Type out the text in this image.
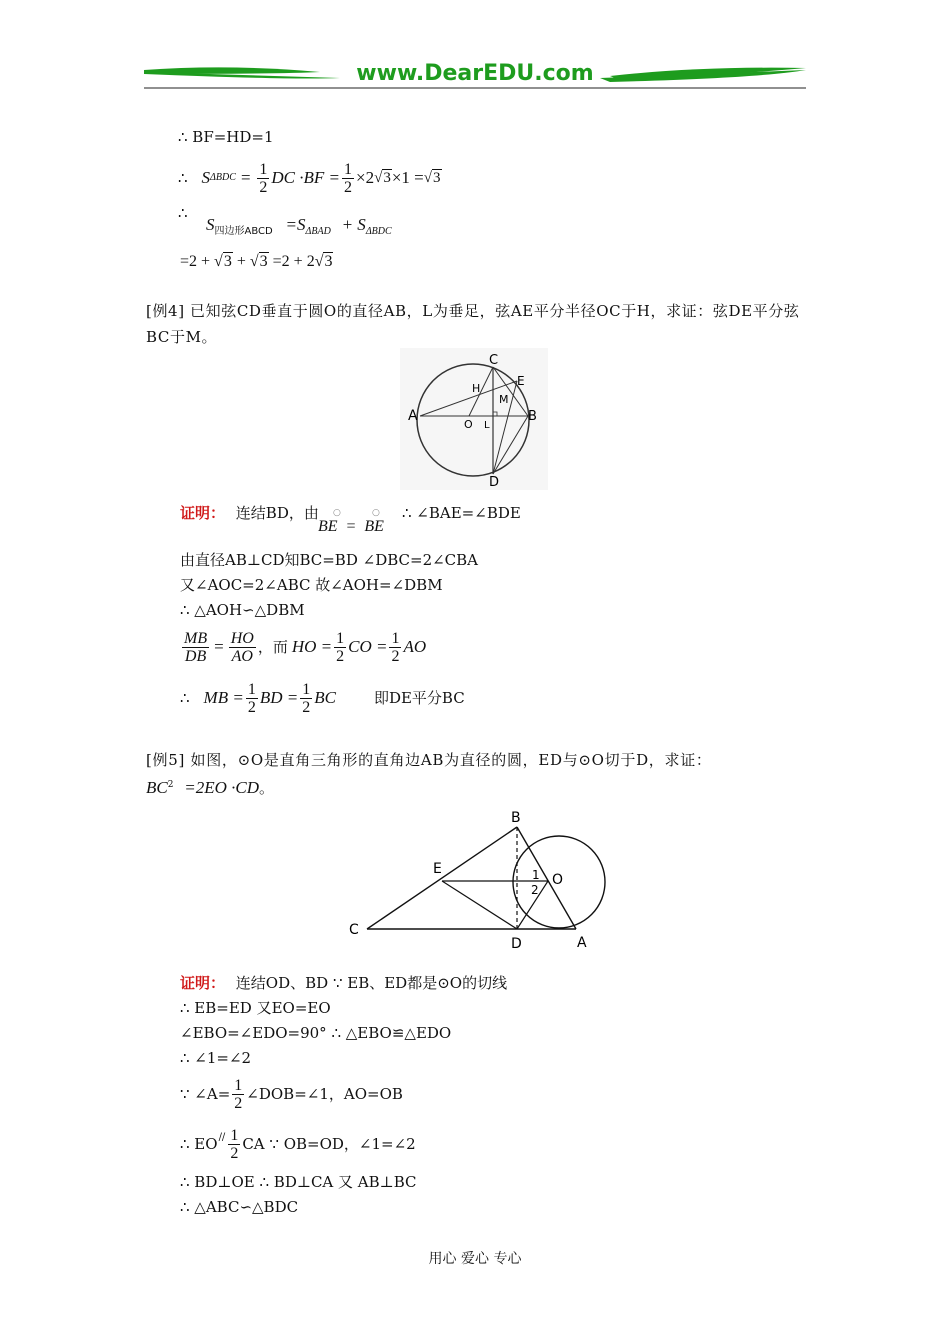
www.DearEDU.com
∴ BF=HD=1
∴ S $\Delta BDC = \frac{1}{2}$ DC $\cdot BF = \frac{1}{2} \times 2$ √3 ×1 = √3
∴
$S_{四边形ABCD} =S_{\Delta BAD} + S_{\Delta BDC}$
=2 + √3 + √3 =2 + 2√3
[例4] 已知弦CD垂直于圆O的直径AB，L为垂足，弦AE平分半径OC于H，求证：弦DE平分弦BC于M。
C
E
H
M
A
O L
B
D
证明： 连结BD，由
BE = BE
○	○ ∴ ∠BAE=∠BDE
由直径AB⊥CD知BC=BD ∠DBC=2∠CBA
又∠AOC=2∠ABC 故∠AOH=∠DBM
∴ △AOH∽△DBM
$\frac{MB}{DB} = \frac{HO}{AO}$ ，而 HO = $\frac{1}{2}$ CO = $\frac{1}{2}$ AO
∴ MB = $\frac{1}{2}$ BD = $\frac{1}{2}$ BC	即DE平分BC
[例5] 如图，⊙O是直角三角形的直角边AB为直径的圆，ED与⊙O切于D，求证：
$BC^2 =2EO \cdot CD$。
B
E
O
C
D	A
1
2
证明： 连结OD、BD ∵ EB、ED都是⊙O的切线
∴ EB=ED 又EO=EO
∠EBO=∠EDO=90° ∴ △EBO≌△EDO
∴ ∠1=∠2
∵ ∠A= $\frac{1}{2}$ ∠DOB=∠1，AO=OB
∴ EO // $\frac{1}{2}$ CA ∵ OB=OD，∠1=∠2
∴ BD⊥OE ∴ BD⊥CA 又 AB⊥BC
∴ △ABC∽△BDC
用心 爱心 专心
